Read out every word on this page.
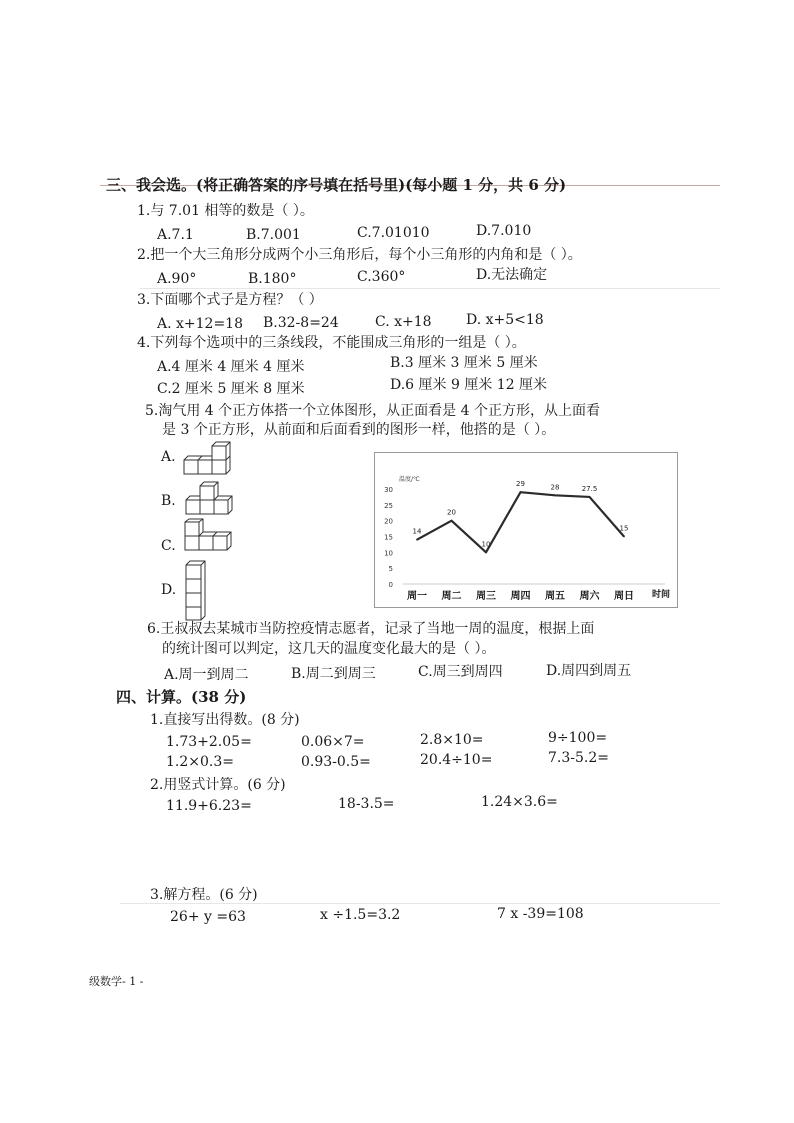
三、我会选。(将正确答案的序号填在括号里)(每小题 1 分，共 6 分)
1.与 7.01 相等的数是（ ）。
A.7.1	B.7.001	C.7.01010	D.7.010
2.把一个大三角形分成两个小三角形后，每个小三角形的内角和是（ ）。
A.90°	B.180°	C.360°	D.无法确定
3.下面哪个式子是方程？（ ）
A. x+12=18 B.32-8=24	C. x+18 D. x+5<18
4.下列每个选项中的三条线段，不能围成三角形的一组是（ ）。
A.4 厘米 4 厘米 4 厘米	B.3 厘米 3 厘米 5 厘米
C.2 厘米 5 厘米 8 厘米	D.6 厘米 9 厘米 12 厘米
5.淘气用 4 个正方体搭一个立体图形，从正面看是 4 个正方形，从上面看
是 3 个正方形，从前面和后面看到的图形一样，他搭的是（ ）。
A.
B.
C.
D.
温度/℃
0
5
10
15
20
25
30
14
20
10
29	28	27.5
15
周一 周二 周三 周四 周五 周六 周日 时间
6.王叔叔去某城市当防控疫情志愿者，记录了当地一周的温度，根据上面
的统计图可以判定，这几天的温度变化最大的是（ ）。
A.周一到周二	B.周二到周三	C.周三到周四	D.周四到周五
四、计算。(38 分)
1.直接写出得数。(8 分)
1.73+2.05=	0.06×7=	2.8×10=	9÷100=
1.2×0.3=	0.93-0.5=	20.4÷10=	7.3-5.2=
2.用竖式计算。(6 分)
11.9+6.23=	18-3.5=	1.24×3.6=
3.解方程。(6 分)
26+ y =63	x ÷1.5=3.2	7 x -39=108
级数学- 1 -
